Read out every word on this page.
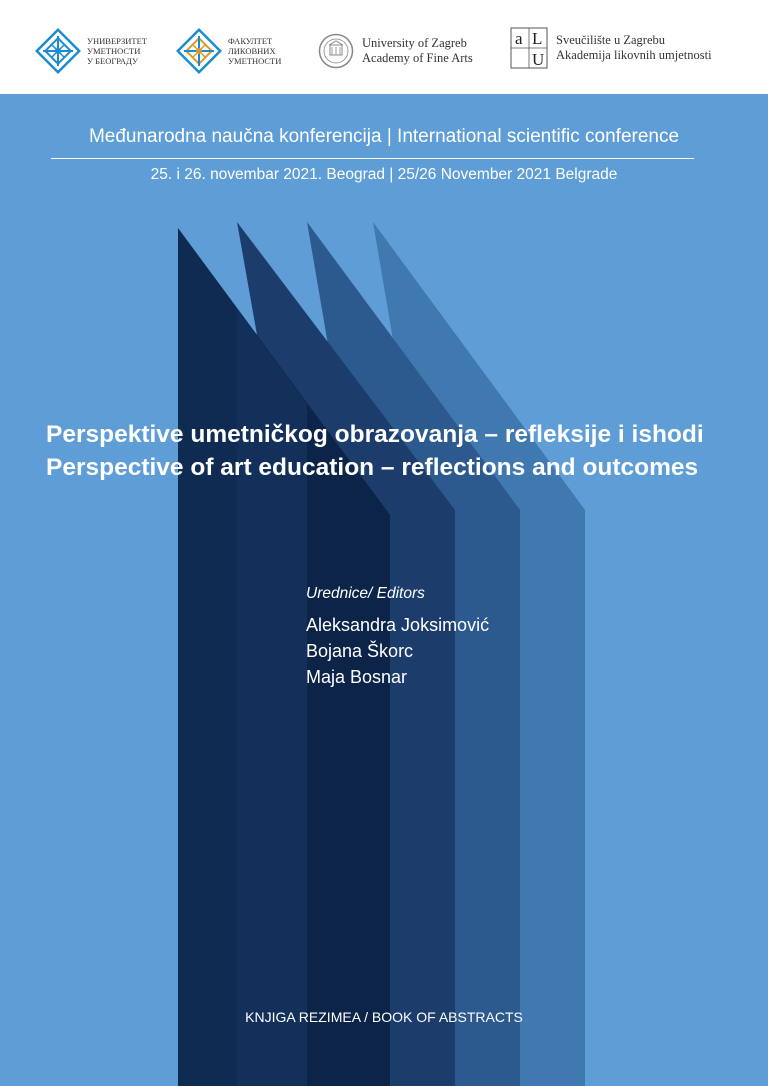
УНИВЕРЗИТЕТ
УМЕТНОСТИ
У БЕОГРАДУ
ФАКУЛТЕТ
ЛИКОВНИХ
УМЕТНОСТИ
University of Zagreb
Academy of Fine Arts
a L
U
Sveučilište u Zagrebu
Akademija likovnih umjetnosti
Međunarodna naučna konferencija | International scientific conference
25. i 26. novembar 2021. Beograd | 25/26 November 2021 Belgrade
Perspektive umetničkog obrazovanja – refleksije i ishodi
Perspective of art education – reflections and outcomes
Urednice/ Editors
Aleksandra Joksimović
Bojana Škorc
Maja Bosnar
KNJIGA REZIMEA / BOOK OF ABSTRACTS
